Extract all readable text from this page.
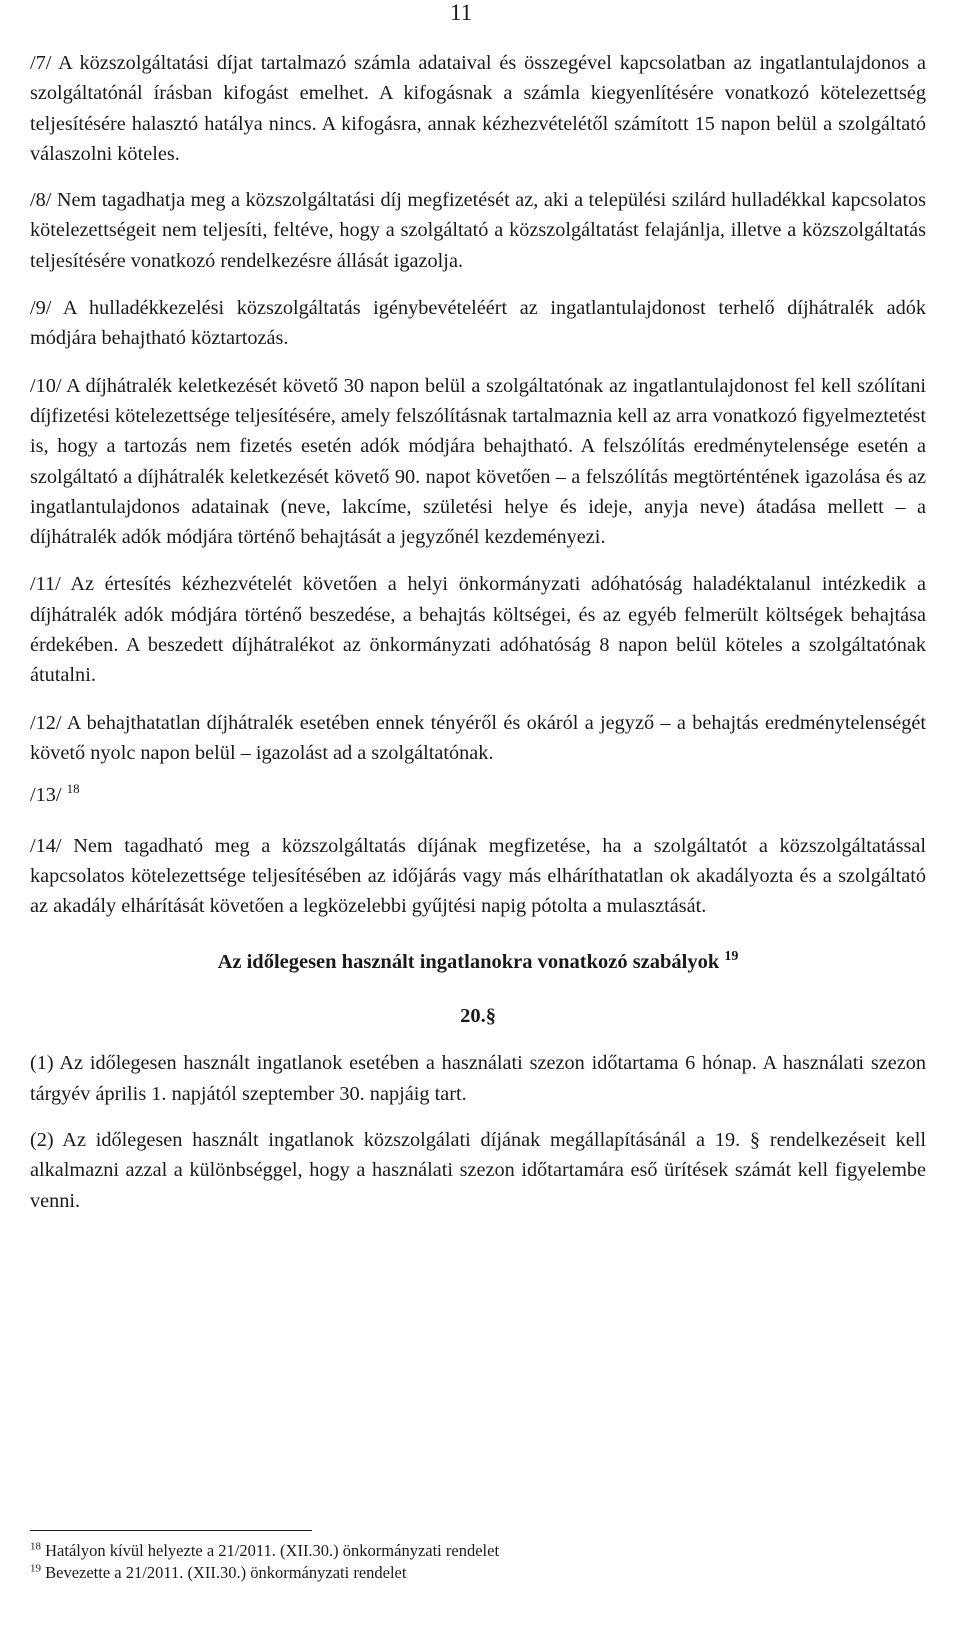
11

/7/ A közszolgáltatási díjat tartalmazó számla adataival és összegével kapcsolatban az ingatlantulajdonos a szolgáltatónál írásban kifogást emelhet. A kifogásnak a számla kiegyenlítésére vonatkozó kötelezettség teljesítésére halasztó hatálya nincs. A kifogásra, annak kézhezvételétől számított 15 napon belül a szolgáltató válaszolni köteles.

/8/ Nem tagadhatja meg a közszolgáltatási díj megfizetését az, aki a települési szilárd hulladékkal kapcsolatos kötelezettségeit nem teljesíti, feltéve, hogy a szolgáltató a közszolgáltatást felajánlja, illetve a közszolgáltatás teljesítésére vonatkozó rendelkezésre állását igazolja.

/9/ A hulladékkezelési közszolgáltatás igénybevételéért az ingatlantulajdonost terhelő díjhátralék adók módjára behajtható köztartozás.

/10/ A díjhátralék keletkezését követő 30 napon belül a szolgáltatónak az ingatlantulajdonost fel kell szólítani díjfizetési kötelezettsége teljesítésére, amely felszólításnak tartalmaznia kell az arra vonatkozó figyelmeztetést is, hogy a tartozás nem fizetés esetén adók módjára behajtható. A felszólítás eredménytelensége esetén a szolgáltató a díjhátralék keletkezését követő 90. napot követően – a felszólítás megtörténtének igazolása és az ingatlantulajdonos adatainak (neve, lakcíme, születési helye és ideje, anyja neve) átadása mellett – a díjhátralék adók módjára történő behajtását a jegyzőnél kezdeményezi.

/11/ Az értesítés kézhezvételét követően a helyi önkormányzati adóhatóság haladéktalanul intézkedik a díjhátralék adók módjára történő beszedése, a behajtás költségei, és az egyéb felmerült költségek behajtása érdekében. A beszedett díjhátralékot az önkormányzati adóhatóság 8 napon belül köteles a szolgáltatónak átutalni.

/12/ A behajthatatlan díjhátralék esetében ennek tényéről és okáról a jegyző – a behajtás eredménytelenségét követő nyolc napon belül – igazolást ad a szolgáltatónak.

/13/ $^{18}$

/14/ Nem tagadható meg a közszolgáltatás díjának megfizetése, ha a szolgáltatót a közszolgáltatással kapcsolatos kötelezettsége teljesítésében az időjárás vagy más elháríthatatlan ok akadályozta és a szolgáltató az akadály elhárítását követően a legközelebbi gyűjtési napig pótolta a mulasztását.

Az időlegesen használt ingatlanokra vonatkozó szabályok $^{19}$
20.§

(1) Az időlegesen használt ingatlanok esetében a használati szezon időtartama 6 hónap. A használati szezon tárgyév április 1. napjától szeptember 30. napjáig tart.

(2) Az időlegesen használt ingatlanok közszolgálati díjának megállapításánál a 19. § rendelkezéseit kell alkalmazni azzal a különbséggel, hogy a használati szezon időtartamára eső ürítések számát kell figyelembe venni.

$^{18}$ Hatályon kívül helyezte a 21/2011. (XII.30.) önkormányzati rendelet
$^{19}$ Bevezette a 21/2011. (XII.30.) önkormányzati rendelet
